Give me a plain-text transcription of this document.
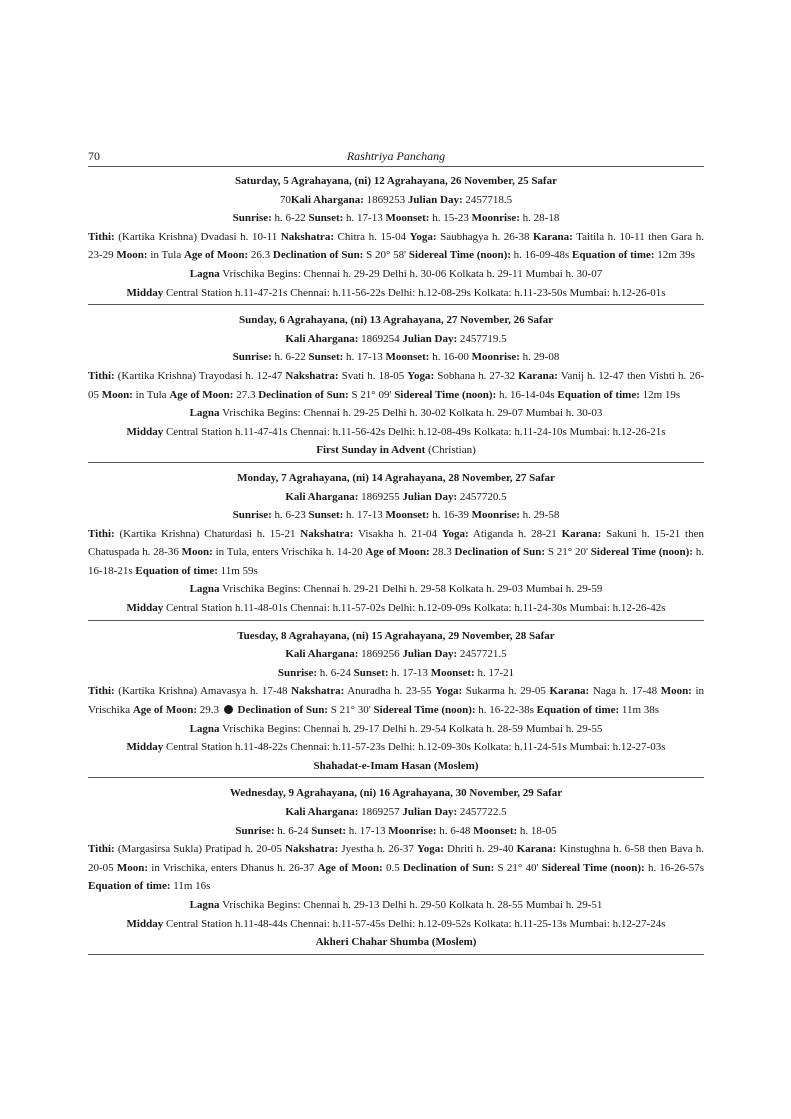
70	Rashtriya Panchang
Saturday, 5 Agrahayana, (ni) 12 Agrahayana, 26 November, 25 Safar
70Kali Ahargana: 1869253 Julian Day: 2457718.5
Sunrise: h. 6-22 Sunset: h. 17-13 Moonset: h. 15-23 Moonrise: h. 28-18
Tithi: (Kartika Krishna) Dvadasi h. 10-11 Nakshatra: Chitra h. 15-04 Yoga: Saubhagya h. 26-38 Karana: Taitila h. 10-11 then Gara h. 23-29 Moon: in Tula Age of Moon: 26.3 Declination of Sun: S 20° 58' Sidereal Time (noon): h. 16-09-48s Equation of time: 12m 39s
Lagna Vrischika Begins: Chennai h. 29-29 Delhi h. 30-06 Kolkata h. 29-11 Mumbai h. 30-07
Midday Central Station h.11-47-21s Chennai: h.11-56-22s Delhi: h.12-08-29s Kolkata: h.11-23-50s Mumbai: h.12-26-01s
Sunday, 6 Agrahayana, (ni) 13 Agrahayana, 27 November, 26 Safar
Kali Ahargana: 1869254 Julian Day: 2457719.5
Sunrise: h. 6-22 Sunset: h. 17-13 Moonset: h. 16-00 Moonrise: h. 29-08
Tithi: (Kartika Krishna) Trayodasi h. 12-47 Nakshatra: Svati h. 18-05 Yoga: Sobhana h. 27-32 Karana: Vanij h. 12-47 then Vishti h. 26-05 Moon: in Tula Age of Moon: 27.3 Declination of Sun: S 21° 09' Sidereal Time (noon): h. 16-14-04s Equation of time: 12m 19s
Lagna Vrischika Begins: Chennai h. 29-25 Delhi h. 30-02 Kolkata h. 29-07 Mumbai h. 30-03
Midday Central Station h.11-47-41s Chennai: h.11-56-42s Delhi: h.12-08-49s Kolkata: h.11-24-10s Mumbai: h.12-26-21s
First Sunday in Advent (Christian)
Monday, 7 Agrahayana, (ni) 14 Agrahayana, 28 November, 27 Safar
Kali Ahargana: 1869255 Julian Day: 2457720.5
Sunrise: h. 6-23 Sunset: h. 17-13 Moonset: h. 16-39 Moonrise: h. 29-58
Tithi: (Kartika Krishna) Chaturdasi h. 15-21 Nakshatra: Visakha h. 21-04 Yoga: Atiganda h. 28-21 Karana: Sakuni h. 15-21 then Chatuspada h. 28-36 Moon: in Tula, enters Vrischika h. 14-20 Age of Moon: 28.3 Declination of Sun: S 21° 20' Sidereal Time (noon): h. 16-18-21s Equation of time: 11m 59s
Lagna Vrischika Begins: Chennai h. 29-21 Delhi h. 29-58 Kolkata h. 29-03 Mumbai h. 29-59
Midday Central Station h.11-48-01s Chennai: h.11-57-02s Delhi: h.12-09-09s Kolkata: h.11-24-30s Mumbai: h.12-26-42s
Tuesday, 8 Agrahayana, (ni) 15 Agrahayana, 29 November, 28 Safar
Kali Ahargana: 1869256 Julian Day: 2457721.5
Sunrise: h. 6-24 Sunset: h. 17-13 Moonset: h. 17-21
Tithi: (Kartika Krishna) Amavasya h. 17-48 Nakshatra: Anuradha h. 23-55 Yoga: Sukarma h. 29-05 Karana: Naga h. 17-48 Moon: in Vrischika Age of Moon: 29.3  Declination of Sun: S 21° 30' Sidereal Time (noon): h. 16-22-38s Equation of time: 11m 38s
Lagna Vrischika Begins: Chennai h. 29-17 Delhi h. 29-54 Kolkata h. 28-59 Mumbai h. 29-55
Midday Central Station h.11-48-22s Chennai: h.11-57-23s Delhi: h.12-09-30s Kolkata: h.11-24-51s Mumbai: h.12-27-03s
Shahadat-e-Imam Hasan (Moslem)
Wednesday, 9 Agrahayana, (ni) 16 Agrahayana, 30 November, 29 Safar
Kali Ahargana: 1869257 Julian Day: 2457722.5
Sunrise: h. 6-24 Sunset: h. 17-13 Moonrise: h. 6-48 Moonset: h. 18-05
Tithi: (Margasirsa Sukla) Pratipad h. 20-05 Nakshatra: Jyestha h. 26-37 Yoga: Dhriti h. 29-40 Karana: Kinstughna h. 6-58 then Bava h. 20-05 Moon: in Vrischika, enters Dhanus h. 26-37 Age of Moon: 0.5 Declination of Sun: S 21° 40' Sidereal Time (noon): h. 16-26-57s Equation of time: 11m 16s
Lagna Vrischika Begins: Chennai h. 29-13 Delhi h. 29-50 Kolkata h. 28-55 Mumbai h. 29-51
Midday Central Station h.11-48-44s Chennai: h.11-57-45s Delhi: h.12-09-52s Kolkata: h.11-25-13s Mumbai: h.12-27-24s
Akheri Chahar Shumba (Moslem)
